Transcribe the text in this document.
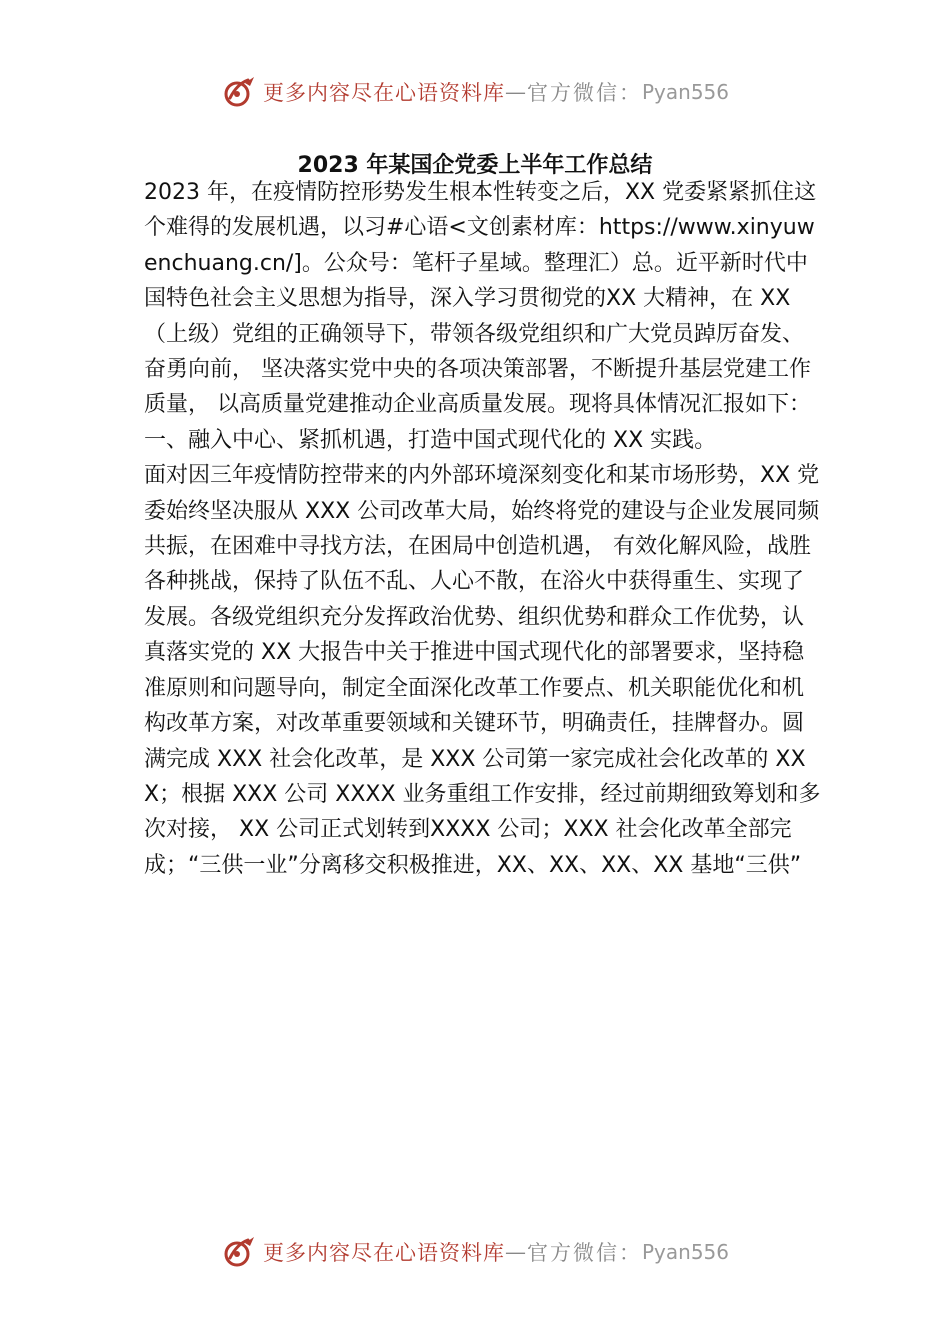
更多内容尽在心语资料库 — 官方微信： Pyan556
2023 年某国企党委上半年工作总结

2023 年，在疫情防控形势发生根本性转变之后，XX 党委紧紧抓住这个难得的发展机遇，以习#心语<文创素材库：https://www.xinyuwenchuang.cn/]。公众号：笔杆子星域。整理汇）总。近平新时代中国特色社会主义思想为指导，深入学习贯彻党的XX 大精神，在 XX（上级）党组的正确领导下，带领各级党组织和广大党员踔厉奋发、奋勇向前， 坚决落实党中央的各项决策部署，不断提升基层党建工作质量， 以高质量党建推动企业高质量发展。现将具体情况汇报如下： 一、融入中心、紧抓机遇，打造中国式现代化的 XX 实践。

面对因三年疫情防控带来的内外部环境深刻变化和某市场形势，XX 党委始终坚决服从 XXX 公司改革大局，始终将党的建设与企业发展同频共振，在困难中寻找方法，在困局中创造机遇， 有效化解风险，战胜各种挑战，保持了队伍不乱、人心不散，在浴火中获得重生、实现了发展。各级党组织充分发挥政治优势、组织优势和群众工作优势，认真落实党的 XX 大报告中关于推进中国式现代化的部署要求，坚持稳准原则和问题导向，制定全面深化改革工作要点、机关职能优化和机构改革方案，对改革重要领域和关键环节，明确责任，挂牌督办。圆满完成 XXX 社会化改革，是 XXX 公司第一家完成社会化改革的 XXX；根据 XXX 公司 XXXX 业务重组工作安排，经过前期细致筹划和多次对接， XX 公司正式划转到XXXX 公司；XXX 社会化改革全部完成；“三供一业”分离移交积极推进，XX、XX、XX、XX 基地“三供”

更多内容尽在心语资料库 — 官方微信： Pyan556
